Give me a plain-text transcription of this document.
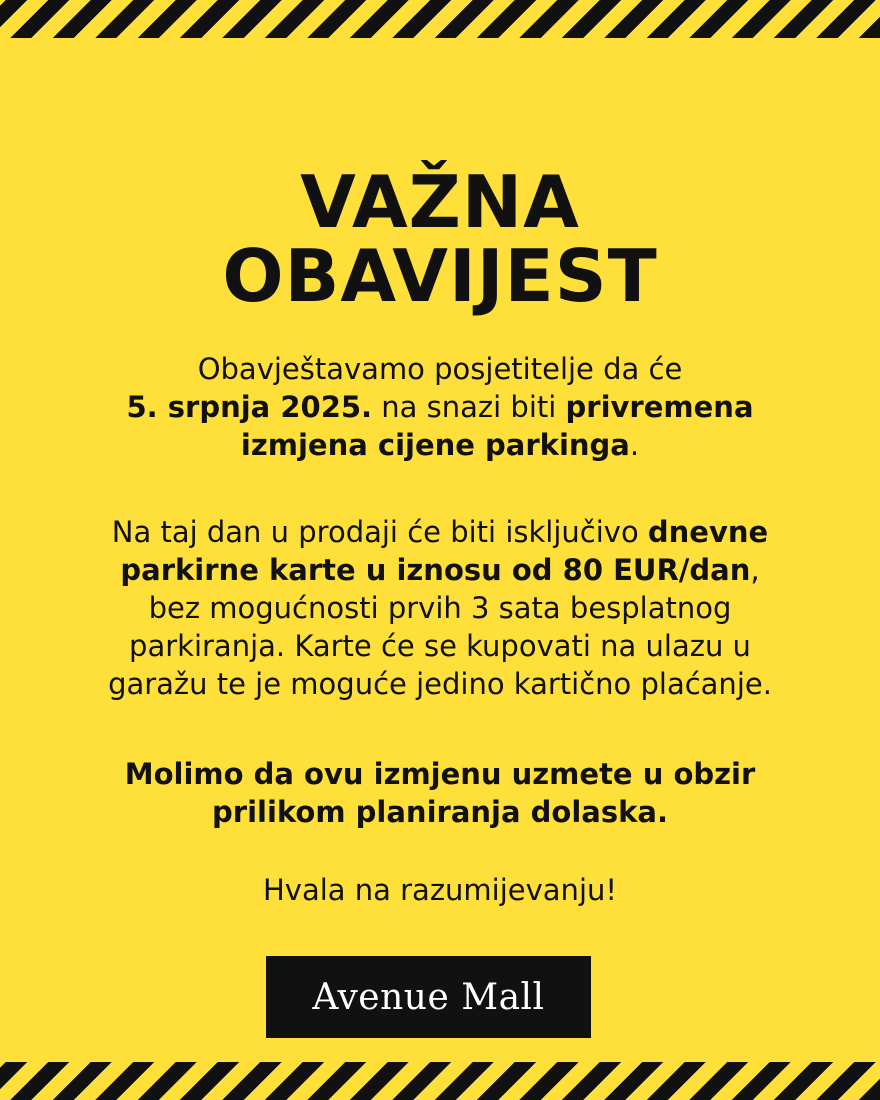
VAŽNA
OBAVIJEST
Obavještavamo posjetitelje da će
5. srpnja 2025. na snazi biti privremena
izmjena cijene parkinga.
Na taj dan u prodaji će biti isključivo dnevne
parkirne karte u iznosu od 80 EUR/dan,
bez mogućnosti prvih 3 sata besplatnog
parkiranja. Karte će se kupovati na ulazu u
garažu te je moguće jedino kartično plaćanje.
Molimo da ovu izmjenu uzmete u obzir
prilikom planiranja dolaska.
Hvala na razumijevanju!
Avenue Mall
